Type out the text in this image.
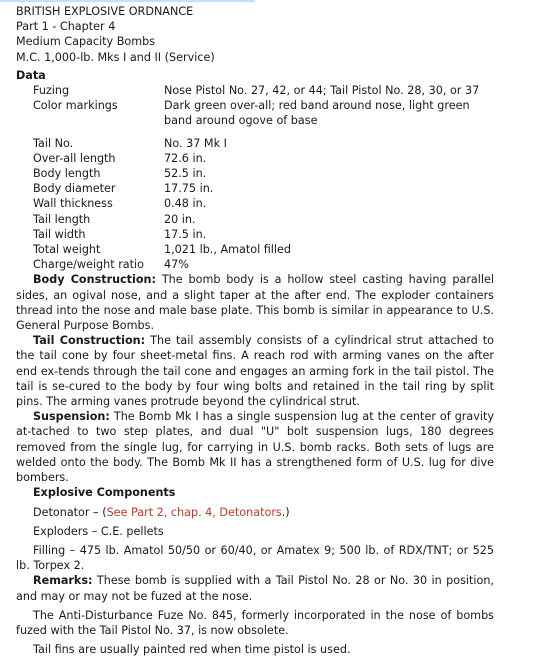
BRITISH EXPLOSIVE ORDNANCE

Part 1 - Chapter 4

Medium Capacity Bombs

M.C. 1,000-lb. Mks I and II (Service)

Data

Fuzing	Nose Pistol No. 27, 42, or 44; Tail Pistol No. 28, 30, or 37
Color markings	Dark green over-all; red band around nose, light green band around ogove of base
Tail No.	No. 37 Mk I
Over-all length	72.6 in.
Body length	52.5 in.
Body diameter	17.75 in.
Wall thickness	0.48 in.
Tail length	20 in.
Tail width	17.5 in.
Total weight	1,021 lb., Amatol filled
Charge/weight ratio	47%

Body Construction: The bomb body is a hollow steel casting having parallel sides, an ogival nose, and a slight taper at the after end. The exploder containers thread into the nose and male base plate. This bomb is similar in appearance to U.S. General Purpose Bombs.

Tail Construction: The tail assembly consists of a cylindrical strut attached to the tail cone by four sheet-metal fins. A reach rod with arming vanes on the after end ex-tends through the tail cone and engages an arming fork in the tail pistol. The tail is se-cured to the body by four wing bolts and retained in the tail ring by split pins. The arming vanes protrude beyond the cylindrical strut.

Suspension: The Bomb Mk I has a single suspension lug at the center of gravity at-tached to two step plates, and dual "U" bolt suspension lugs, 180 degrees removed from the single lug, for carrying in U.S. bomb racks. Both sets of lugs are welded onto the body. The Bomb Mk II has a strengthened form of U.S. lug for dive bombers.

Explosive Components

Detonator – (See Part 2, chap. 4, Detonators.)

Exploders – C.E. pellets

Filling – 475 lb. Amatol 50/50 or 60/40, or Amatex 9; 500 lb. of RDX/TNT; or 525 lb. Torpex 2.

Remarks: These bomb is supplied with a Tail Pistol No. 28 or No. 30 in position, and may or may not be fuzed at the nose.

The Anti-Disturbance Fuze No. 845, formerly incorporated in the nose of bombs fuzed with the Tail Pistol No. 37, is now obsolete.

Tail fins are usually painted red when time pistol is used.
